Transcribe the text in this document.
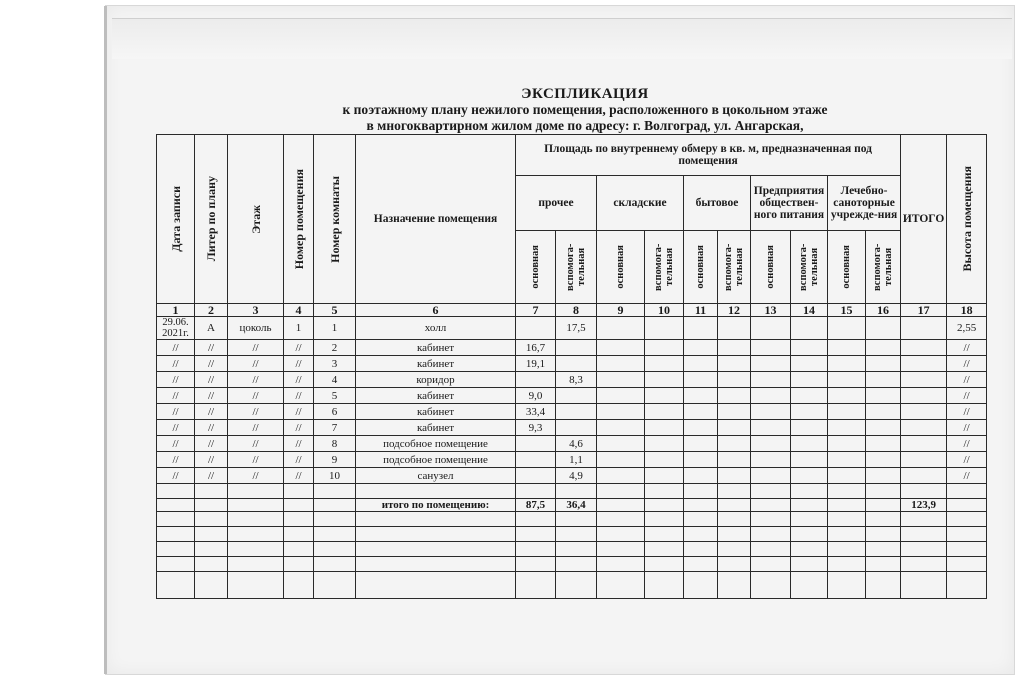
ЭКСПЛИКАЦИЯ
к поэтажному плану нежилого помещения, расположенного в цокольном этаже
в многоквартирном жилом доме по адресу: г. Волгоград, ул. Ангарская,
Дата записи	Литер по плану	Этаж	Номер помещения	Номер комнаты	Назначение помещения	Площадь по внутреннему обмеру в кв. м, предназначенная под помещения										ИТОГО	Высота помещения

						прочее		складские		бытовое		Предприятия обществен-ного питания		Лечебно-саноторные учрежде-ния			

						основная	вспомога-тельная	основная	вспомога-тельная	основная	вспомога-тельная	основная	вспомога-тельная	основная	вспомога-тельная		

1	2	3	4	5	6	7	8	9	10	11	12	13	14	15	16	17	18
29.06. 2021г.	А	цоколь	1	1	холл		17,5										2,55
//	//	//	//	2	кабинет	16,7											//
//	//	//	//	3	кабинет	19,1											//
//	//	//	//	4	коридор		8,3										//
//	//	//	//	5	кабинет	9,0											//
//	//	//	//	6	кабинет	33,4											//
//	//	//	//	7	кабинет	9,3											//
//	//	//	//	8	подсобное помещение		4,6										//
//	//	//	//	9	подсобное помещение		1,1										//
//	//	//	//	10	санузел		4,9										//

					итого по помещению:	87,5	36,4									123,9	
